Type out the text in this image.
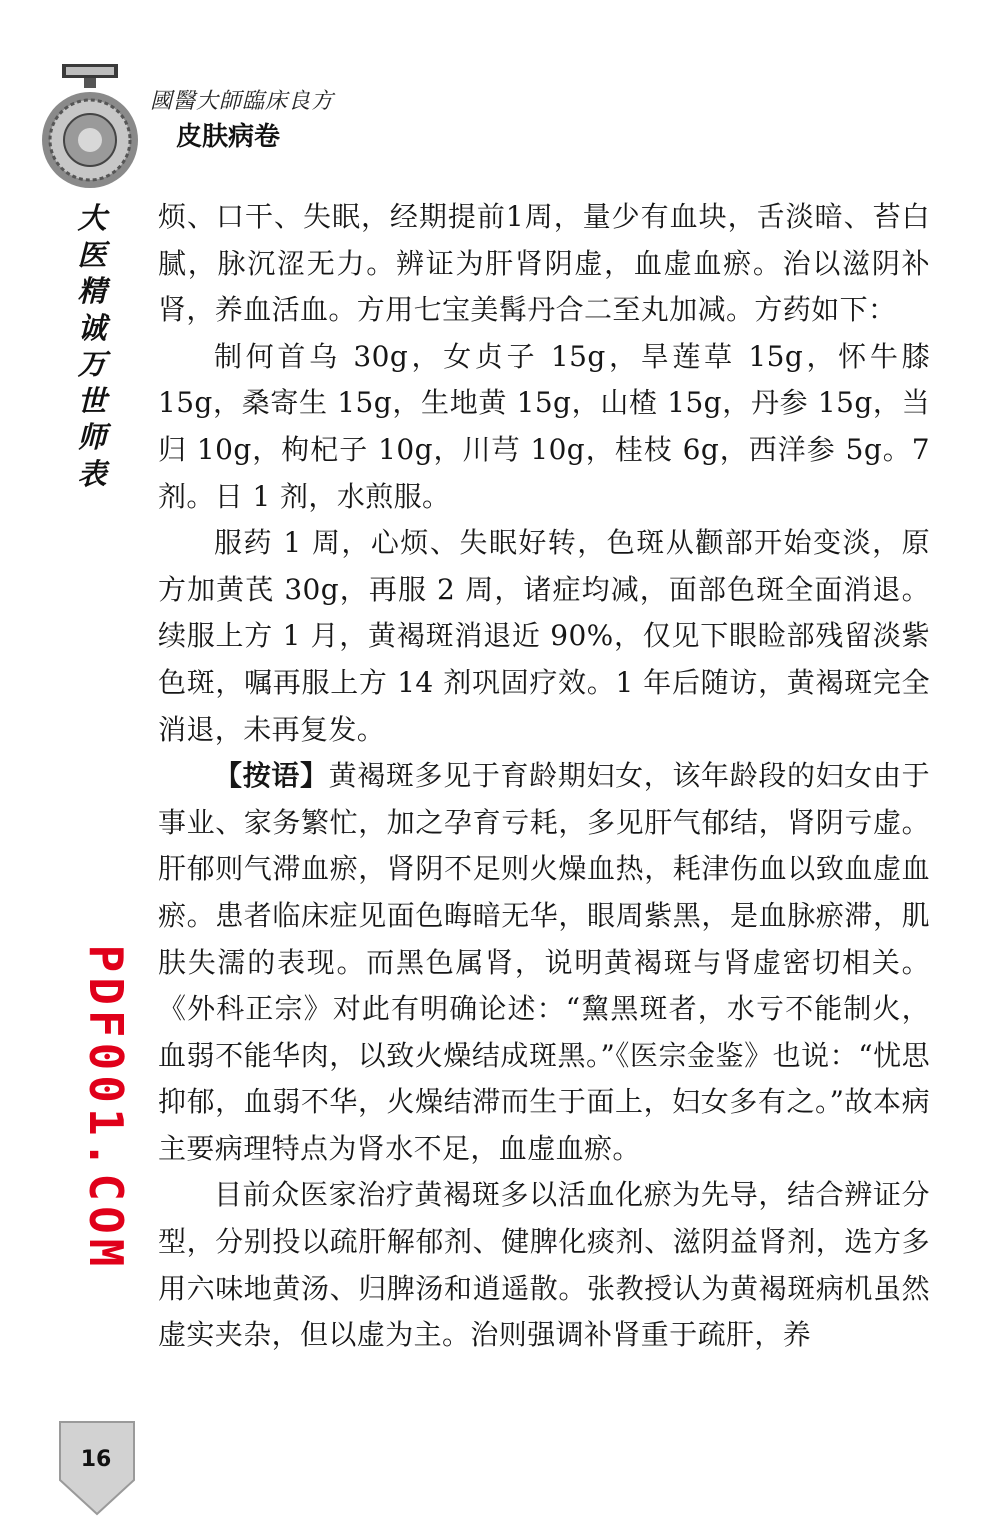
國醫大師臨床良方
皮肤病卷
大
医
精
诚
万
世
师
表
PDF001.COM

烦、口干、失眠，经期提前1周，量少有血块，舌淡暗、苔白腻，脉沉涩无力。辨证为肝肾阴虚，血虚血瘀。治以滋阴补肾，养血活血。方用七宝美髯丹合二至丸加减。方药如下：

制何首乌 30g，女贞子 15g，旱莲草 15g，怀牛膝 15g，桑寄生 15g，生地黄 15g，山楂 15g，丹参 15g，当归 10g，枸杞子 10g，川芎 10g，桂枝 6g，西洋参 5g。7 剂。日 1 剂，水煎服。

服药 1 周，心烦、失眠好转，色斑从颧部开始变淡，原方加黄芪 30g，再服 2 周，诸症均减，面部色斑全面消退。续服上方 1 月，黄褐斑消退近 90%，仅见下眼睑部残留淡紫色斑，嘱再服上方 14 剂巩固疗效。1 年后随访，黄褐斑完全消退，未再复发。

【按语】黄褐斑多见于育龄期妇女，该年龄段的妇女由于事业、家务繁忙，加之孕育亏耗，多见肝气郁结，肾阴亏虚。肝郁则气滞血瘀，肾阴不足则火燥血热，耗津伤血以致血虚血瘀。患者临床症见面色晦暗无华，眼周紫黑，是血脉瘀滞，肌肤失濡的表现。而黑色属肾，说明黄褐斑与肾虚密切相关。《外科正宗》对此有明确论述：“黧黑斑者，水亏不能制火，血弱不能华肉，以致火燥结成斑黑。”《医宗金鉴》也说：“忧思抑郁，血弱不华，火燥结滞而生于面上，妇女多有之。”故本病主要病理特点为肾水不足，血虚血瘀。

目前众医家治疗黄褐斑多以活血化瘀为先导，结合辨证分型，分别投以疏肝解郁剂、健脾化痰剂、滋阴益肾剂，选方多用六味地黄汤、归脾汤和逍遥散。张教授认为黄褐斑病机虽然虚实夹杂，但以虚为主。治则强调补肾重于疏肝，养

16
